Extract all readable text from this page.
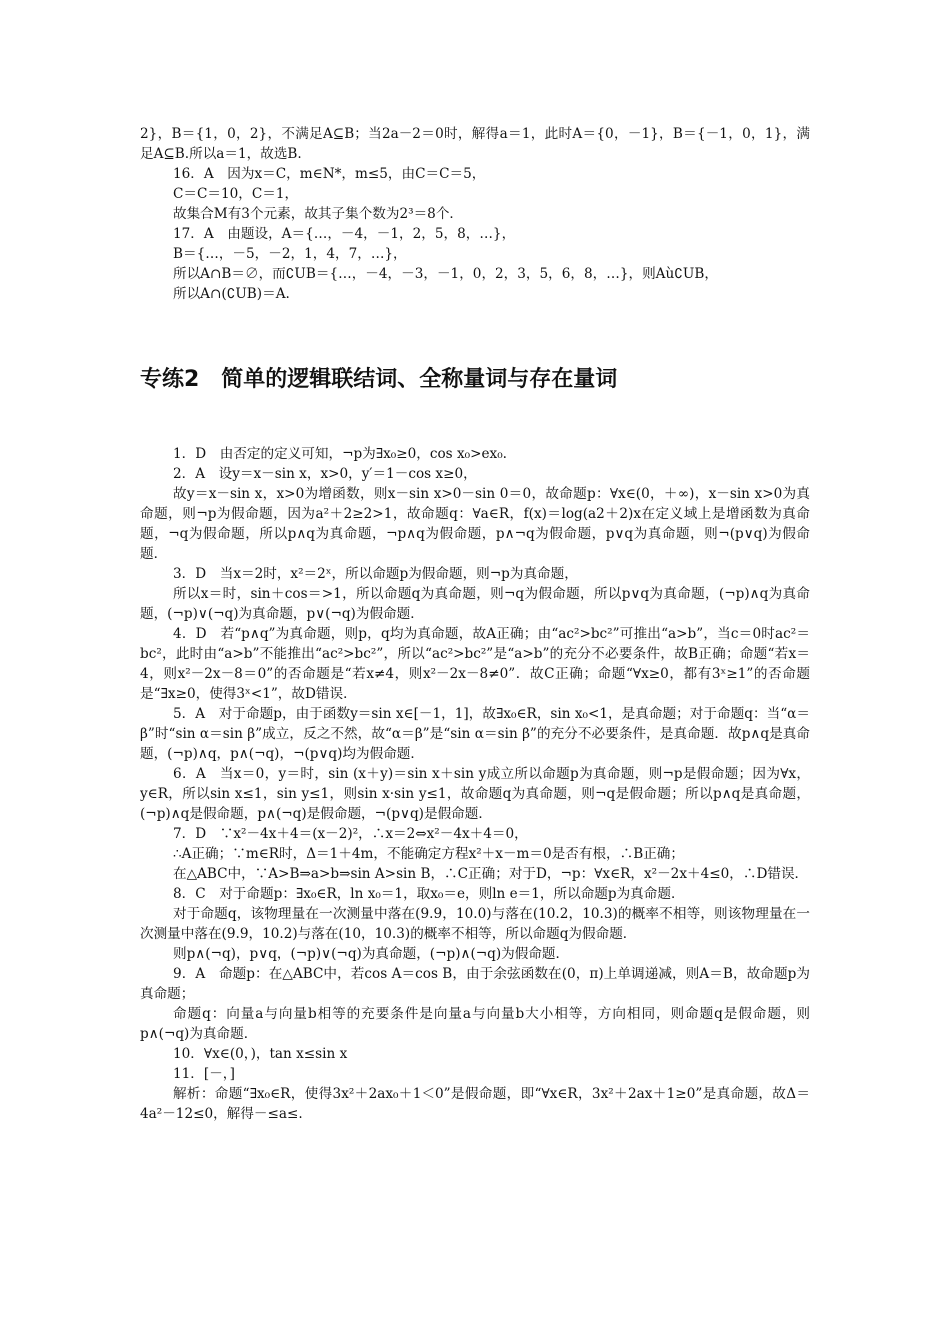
2}，B＝{1，0，2}，不满足A⊆B；当2a－2＝0时，解得a＝1，此时A＝{0，－1}，B＝{－1，0，1}，满足A⊆B.所以a＝1，故选B.

16．A　因为x＝C，m∈N*，m≤5，由C＝C＝5，

C＝C＝10，C＝1，

故集合M有3个元素，故其子集个数为2³＝8个．

17．A　由题设，A＝{…，－4，－1，2，5，8，…}，

B＝{…，－5，－2，1，4，7，…}，

所以A∩B＝∅，而∁UB＝{…，－4，－3，－1，0，2，3，5，6，8，…}，则Aù∁UB，

所以A∩(∁UB)＝A.

专练2　简单的逻辑联结词、全称量词与存在量词

1．D　由否定的定义可知，¬p为∃x₀≥0，cos x₀>ex₀.

2．A　设y＝x－sin x，x>0，y′＝1－cos x≥0，

故y＝x－sin x，x>0为增函数，则x－sin x>0－sin 0＝0，故命题p：∀x∈(0，＋∞)，x－sin x>0为真命题，则¬p为假命题，因为a²＋2≥2>1，故命题q：∀a∈R，f(x)＝log(a2＋2)x在定义域上是增函数为真命题，¬q为假命题，所以p∧q为真命题，¬p∧q为假命题，p∧¬q为假命题，p∨q为真命题，则¬(p∨q)为假命题．

3．D　当x＝2时，x²＝2ˣ，所以命题p为假命题，则¬p为真命题，

所以x＝时，sin＋cos＝>1，所以命题q为真命题，则¬q为假命题，所以p∨q为真命题，(¬p)∧q为真命题，(¬p)∨(¬q)为真命题，p∨(¬q)为假命题．

4．D　若“p∧q”为真命题，则p，q均为真命题，故A正确；由“ac²>bc²”可推出“a>b”，当c＝0时ac²＝bc²，此时由“a>b”不能推出“ac²>bc²”，所以“ac²>bc²”是“a>b”的充分不必要条件，故B正确；命题“若x＝4，则x²－2x－8＝0”的否命题是“若x≠4，则x²－2x－8≠0”．故C正确；命题“∀x≥0，都有3ˣ≥1”的否命题是“∃x≥0，使得3ˣ<1”，故D错误．

5．A　对于命题p，由于函数y＝sin x∈[－1，1]，故∃x₀∈R，sin x₀<1，是真命题；对于命题q：当“α＝β”时“sin α＝sin β”成立，反之不然，故“α＝β”是“sin α＝sin β”的充分不必要条件，是真命题．故p∧q是真命题，(¬p)∧q，p∧(¬q)，¬(p∨q)均为假命题．

6．A　当x＝0，y＝时，sin (x＋y)＝sin x＋sin y成立所以命题p为真命题，则¬p是假命题；因为∀x，y∈R，所以sin x≤1，sin y≤1，则sin x·sin y≤1，故命题q为真命题，则¬q是假命题；所以p∧q是真命题，(¬p)∧q是假命题，p∧(¬q)是假命题，¬(p∨q)是假命题．

7．D　∵x²－4x＋4＝(x－2)²，∴x＝2⇔x²－4x＋4＝0，

∴A正确；∵m∈R时，Δ＝1＋4m，不能确定方程x²＋x－m＝0是否有根，∴B正确；

在△ABC中，∵A>B⇒a>b⇒sin A>sin B，∴C正确；对于D，¬p：∀x∈R，x²－2x＋4≤0，∴D错误．

8．C　对于命题p：∃x₀∈R，ln x₀＝1，取x₀＝e，则ln e＝1，所以命题p为真命题．

对于命题q，该物理量在一次测量中落在(9.9，10.0)与落在(10.2，10.3)的概率不相等，则该物理量在一次测量中落在(9.9，10.2)与落在(10，10.3)的概率不相等，所以命题q为假命题．

则p∧(¬q)，p∨q，(¬p)∨(¬q)为真命题，(¬p)∧(¬q)为假命题．

9．A　命题p：在△ABC中，若cos A＝cos B，由于余弦函数在(0，π)上单调递减，则A＝B，故命题p为真命题；

命题q：向量a与向量b相等的充要条件是向量a与向量b大小相等，方向相同，则命题q是假命题，则p∧(¬q)为真命题．

10．∀x∈(0，)，tan x≤sin x

11．[－，]

解析：命题“∃x₀∈R，使得3x²＋2ax₀＋1＜0”是假命题，即“∀x∈R，3x²＋2ax＋1≥0”是真命题，故Δ＝4a²－12≤0，解得－≤a≤.
